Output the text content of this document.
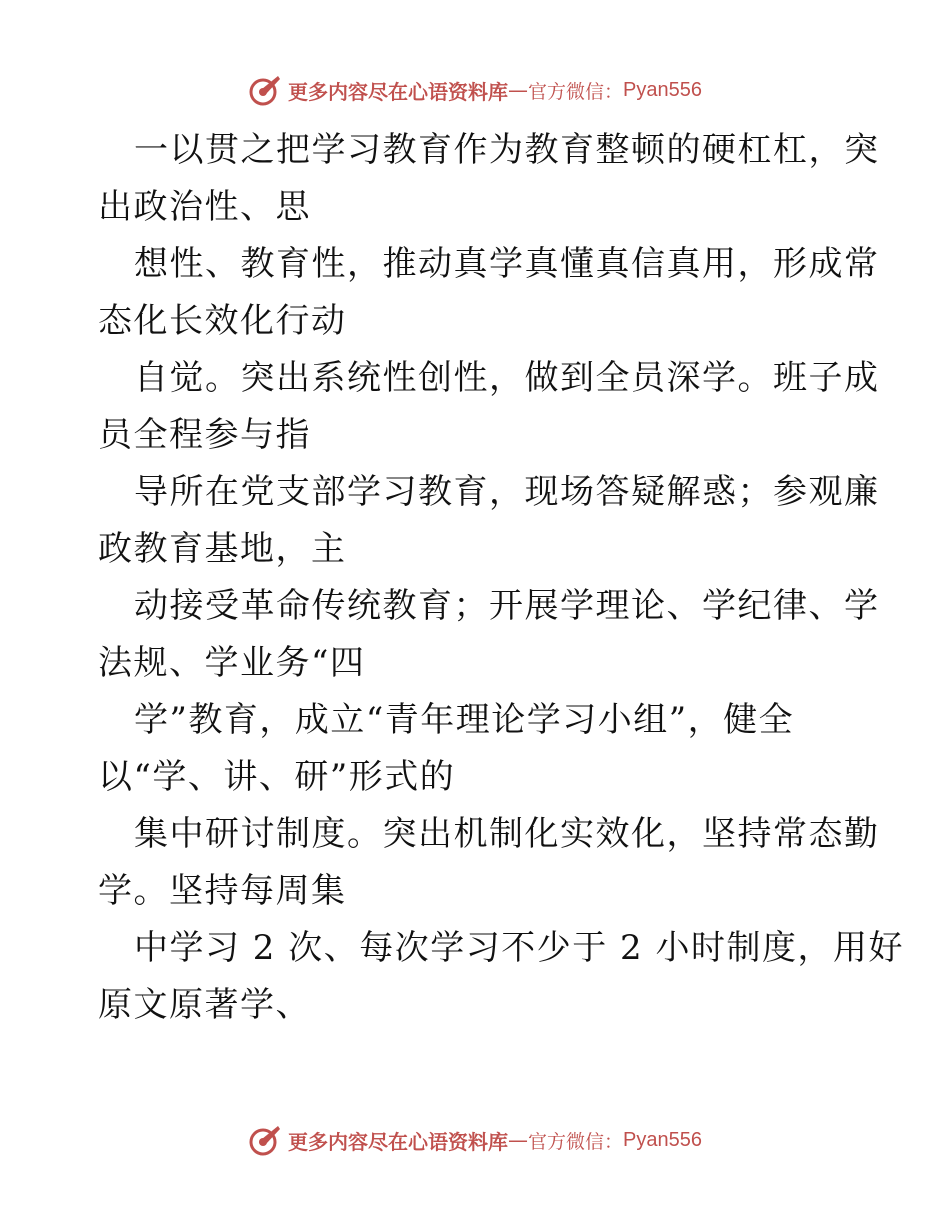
更多内容尽在心语资料库 — 官方微信： Pyan556
一以贯之把学习教育作为教育整顿的硬杠杠，突
出政治性、思
想性、教育性，推动真学真懂真信真用，形成常
态化长效化行动
自觉。突出系统性创性，做到全员深学。班子成
员全程参与指
导所在党支部学习教育，现场答疑解惑；参观廉
政教育基地，主
动接受革命传统教育；开展学理论、学纪律、学
法规、学业务“四
学”教育，成立“青年理论学习小组”，健全
以“学、讲、研”形式的
集中研讨制度。突出机制化实效化，坚持常态勤
学。坚持每周集
中学习 2 次、每次学习不少于 2 小时制度，用好
原文原著学、
更多内容尽在心语资料库 — 官方微信： Pyan556
